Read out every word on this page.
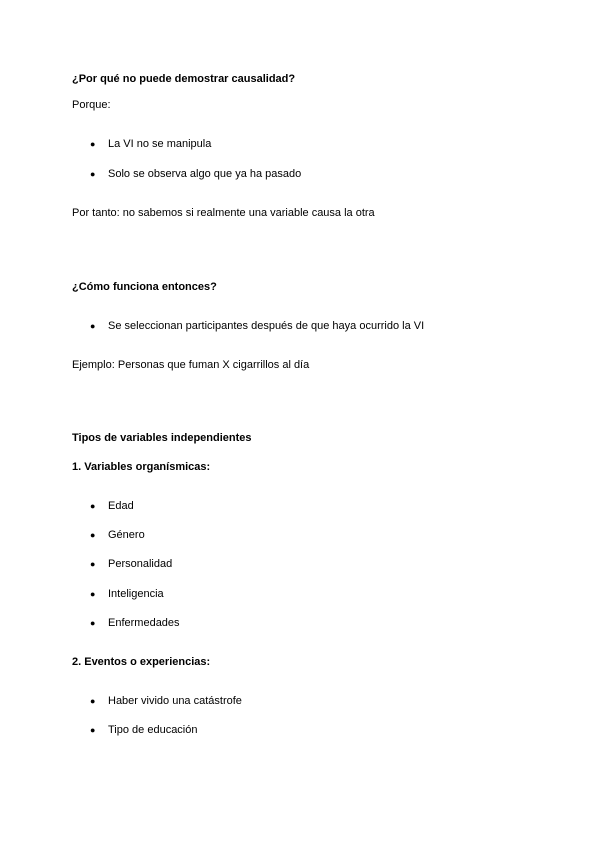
¿Por qué no puede demostrar causalidad?
Porque:
● La VI no se manipula
● Solo se observa algo que ya ha pasado
Por tanto: no sabemos si realmente una variable causa la otra
¿Cómo funciona entonces?
● Se seleccionan participantes después de que haya ocurrido la VI
Ejemplo: Personas que fuman X cigarrillos al día
Tipos de variables independientes
1. Variables organísmicas:
● Edad
● Género
● Personalidad
● Inteligencia
● Enfermedades
2. Eventos o experiencias:
● Haber vivido una catástrofe
● Tipo de educación
